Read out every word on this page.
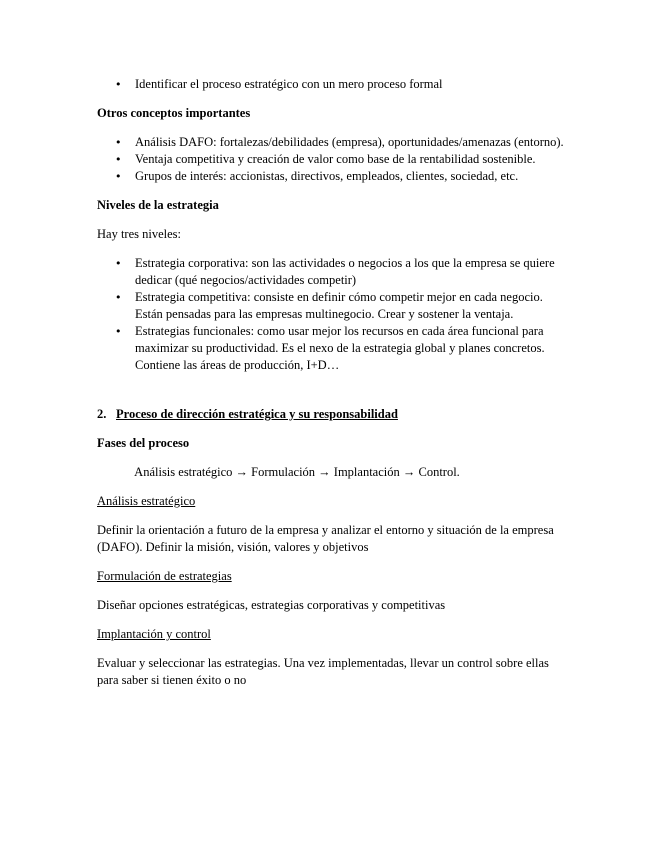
• Identificar el proceso estratégico con un mero proceso formal

Otros conceptos importantes

• Análisis DAFO: fortalezas/debilidades (empresa), oportunidades/amenazas (entorno).
• Ventaja competitiva y creación de valor como base de la rentabilidad sostenible.
• Grupos de interés: accionistas, directivos, empleados, clientes, sociedad, etc.

Niveles de la estrategia

Hay tres niveles:

• Estrategia corporativa: son las actividades o negocios a los que la empresa se quiere dedicar (qué negocios/actividades competir)
• Estrategia competitiva: consiste en definir cómo competir mejor en cada negocio. Están pensadas para las empresas multinegocio. Crear y sostener la ventaja.
• Estrategias funcionales: como usar mejor los recursos en cada área funcional para maximizar su productividad. Es el nexo de la estrategia global y planes concretos. Contiene las áreas de producción, I+D…

2. Proceso de dirección estratégica y su responsabilidad

Fases del proceso

Análisis estratégico → Formulación → Implantación → Control.

Análisis estratégico

Definir la orientación a futuro de la empresa y analizar el entorno y situación de la empresa (DAFO). Definir la misión, visión, valores y objetivos

Formulación de estrategias

Diseñar opciones estratégicas, estrategias corporativas y competitivas

Implantación y control

Evaluar y seleccionar las estrategias. Una vez implementadas, llevar un control sobre ellas para saber si tienen éxito o no
